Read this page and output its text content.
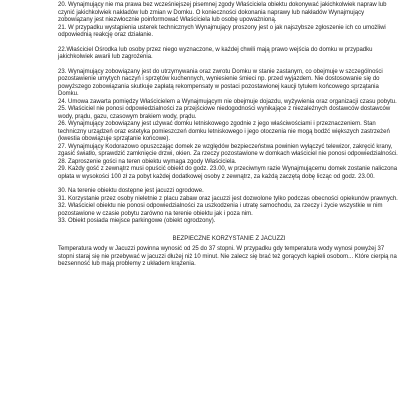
20. Wynajmujący nie ma prawa bez wcześniejszej pisemnej zgody Właściciela obiektu dokonywać jakichkolwiek napraw lub czynić jakichkolwiek nakładów lub zmian w Domku. O konieczności dokonania naprawy lub nakładów Wynajmujący zobowiązany jest niezwłocznie poinformować Właściciela lub osobę upoważnioną.

21. W przypadku wystąpienia usterek technicznych Wynajmujący proszony jest o jak najszybsze zgłoszenie ich co umożliwi odpowiednią reakcję oraz działanie.

22.Właściciel Ośrodka lub osoby przez niego wyznaczone, w każdej chwili mają prawo wejścia do domku w przypadku jakichkolwiek awarii lub zagrożenia.

23. Wynajmujący zobowiązany jest do utrzymywania oraz zwrotu Domku w stanie zastanym, co obejmuje w szczególności pozostawienie umytych naczyń i sprzętów kuchennych, wyniesienie śmieci np. przed wyjazdem. Nie dostosowanie się do powyższego zobowiązania skutkuje zapłatą rekompensaty w postaci pozostawionej kaucji tytułem końcowego sprzątania Domku.

24. Umowa zawarta pomiędzy Właścicielem a Wynajmującym nie obejmuje dojazdu, wyżywienia oraz organizacji czasu pobytu.

25. Właściciel nie ponosi odpowiedzialności za przejściowe niedogodności wynikające z niezależnych dostawców dostawców wody, prądu, gazu, czasowym brakiem wody, prądu.

26. Wynajmujący zobowiązany jest używać domku letniskowego zgodnie z jego właściwościami i przeznaczeniem. Stan techniczny urządzeń oraz estetyka pomieszczeń domku letniskowego i jego otoczenia nie mogą bodźć większych zastrzeżeń (kwestia obowiązuje sprzątanie końcowe).

27. Wynajmujący Kodorazowo opuszczając domek ze względów bezpieczeństwa powinien wyłączyć telewizor, zakręcić krany, zgasić światło, sprawdzić zamknięcie drzwi, okien. Za rzeczy pozostawione w domkach właściciel nie ponosi odpowiedzialności.

28. Zaproszenie gości na teren obiektu wymaga zgody Właściciela.

29. Każdy gość z zewnątrz musi opuścić obiekt do godz. 23.00, w przeciwnym razie Wynajmującemu domek zostanie naliczona opłata w wysokości 100 zł za pobyt każdej dodatkowej osoby z zewnątrz, za każdą zaczętą dobę licząc od godz. 23.00.

30. Na terenie obiektu dostępne jest jacuzzi ogrodowe.

31. Korzystanie przez osoby nieletnie z placu zabaw oraz jacuzzi jest dozwolone tylko podczas obecności opiekunów prawnych.

32. Właściciel obiektu nie ponosi odpowiedzialności za uszkodzenia i utratę samochodu, za rzeczy i życie wszystkie w nim pozostawione w czasie pobytu zarówno na terenie obiektu jak i poza nim.

33. Obiekt posiada miejsce parkingowe (obiekt ogrodzony).

BEZPIECZNE KORZYSTANIE Z JACUZZI

Temperatura wody w Jacuzzi powinna wynosić od 25 do 37 stopni. W przypadku gdy temperatura wody wynosi powyżej 37 stopni staraj się nie przebywać w jacuzzi dłużej niż 10 minut. Nie zalecz się brać też gorących kąpieli osobom... Które cierpią na bezsenność lub mają problemy z układem krążenia.
